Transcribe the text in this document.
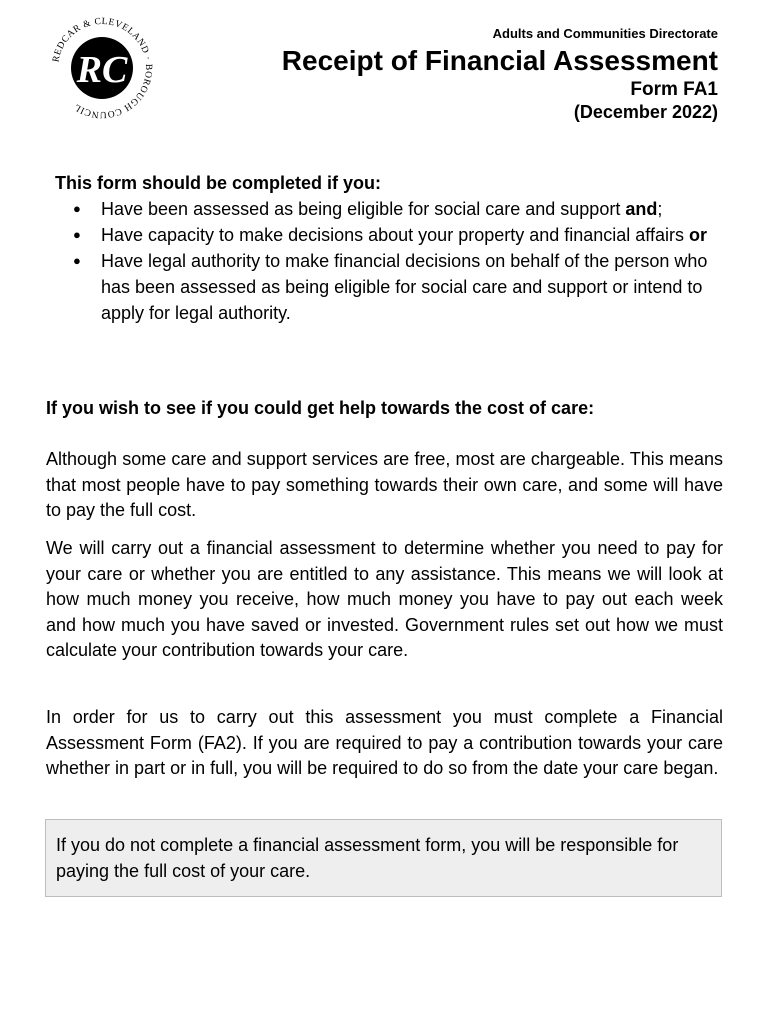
REDCAR & CLEVELAND · BOROUGH COUNCIL
RC
Adults and Communities Directorate
Receipt of Financial Assessment
Form FA1
(December 2022)
This form should be completed if you:
● Have been assessed as being eligible for social care and support and;
● Have capacity to make decisions about your property and financial affairs or
● Have legal authority to make financial decisions on behalf of the person who has been assessed as being eligible for social care and support or intend to apply for legal authority.
If you wish to see if you could get help towards the cost of care:

Although some care and support services are free, most are chargeable. This means that most people have to pay something towards their own care, and some will have to pay the full cost.

We will carry out a financial assessment to determine whether you need to pay for your care or whether you are entitled to any assistance. This means we will look at how much money you receive, how much money you have to pay out each week and how much you have saved or invested. Government rules set out how we must calculate your contribution towards your care.

In order for us to carry out this assessment you must complete a Financial Assessment Form (FA2). If you are required to pay a contribution towards your care whether in part or in full, you will be required to do so from the date your care began.

If you do not complete a financial assessment form, you will be responsible for paying the full cost of your care.
